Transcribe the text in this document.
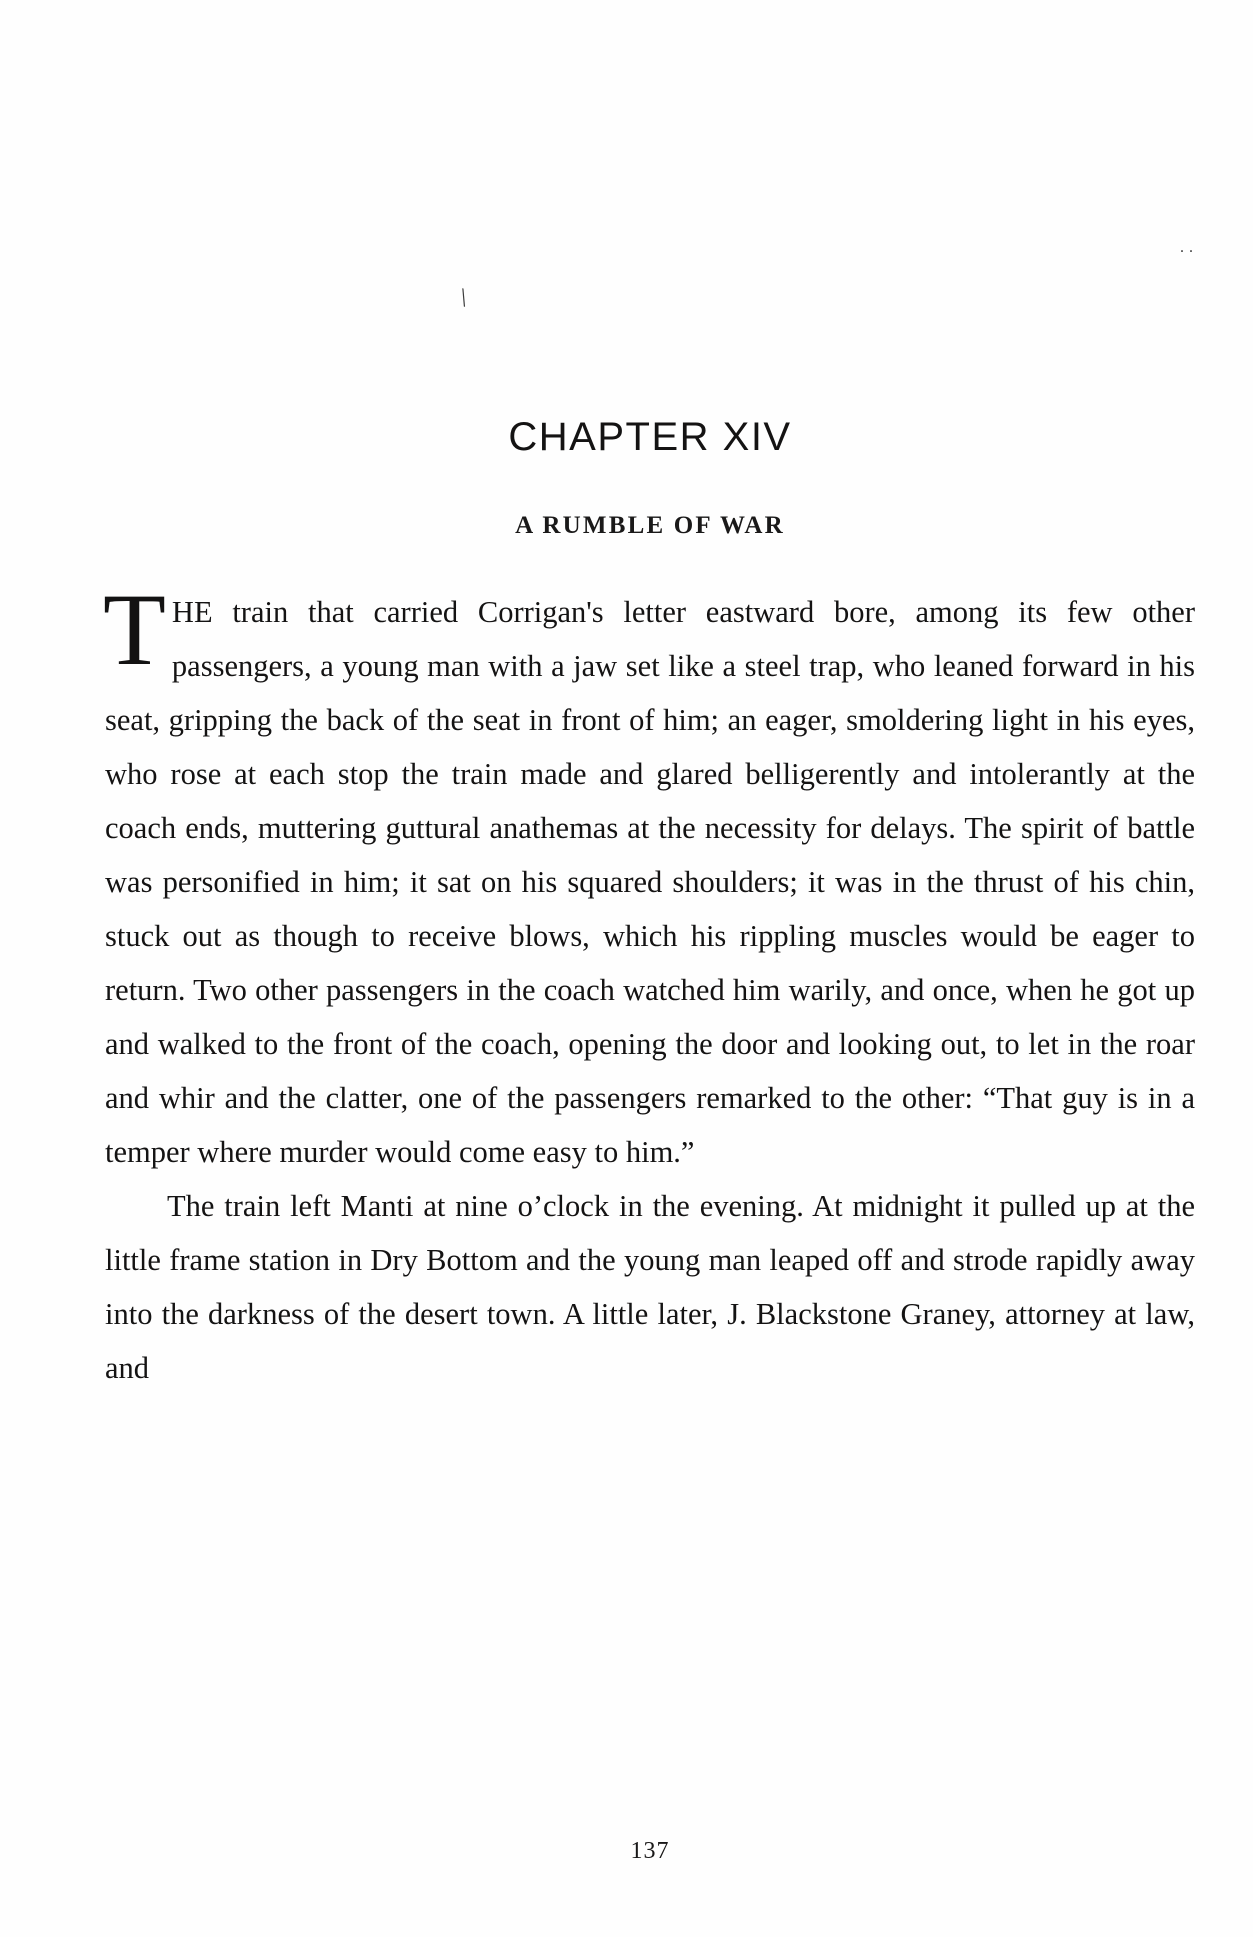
\
..
CHAPTER XIV
A RUMBLE OF WAR

THE train that carried Corrigan's letter eastward bore, among its few other passengers, a young man with a jaw set like a steel trap, who leaned forward in his seat, gripping the back of the seat in front of him; an eager, smoldering light in his eyes, who rose at each stop the train made and glared belligerently and intolerantly at the coach ends, muttering guttural anathemas at the necessity for delays. The spirit of battle was personified in him; it sat on his squared shoulders; it was in the thrust of his chin, stuck out as though to receive blows, which his rippling muscles would be eager to return. Two other passengers in the coach watched him warily, and once, when he got up and walked to the front of the coach, opening the door and looking out, to let in the roar and whir and the clatter, one of the passengers remarked to the other: “That guy is in a temper where murder would come easy to him.”

The train left Manti at nine o’clock in the evening. At midnight it pulled up at the little frame station in Dry Bottom and the young man leaped off and strode rapidly away into the darkness of the desert town. A little later, J. Blackstone Graney, attorney at law, and

137
